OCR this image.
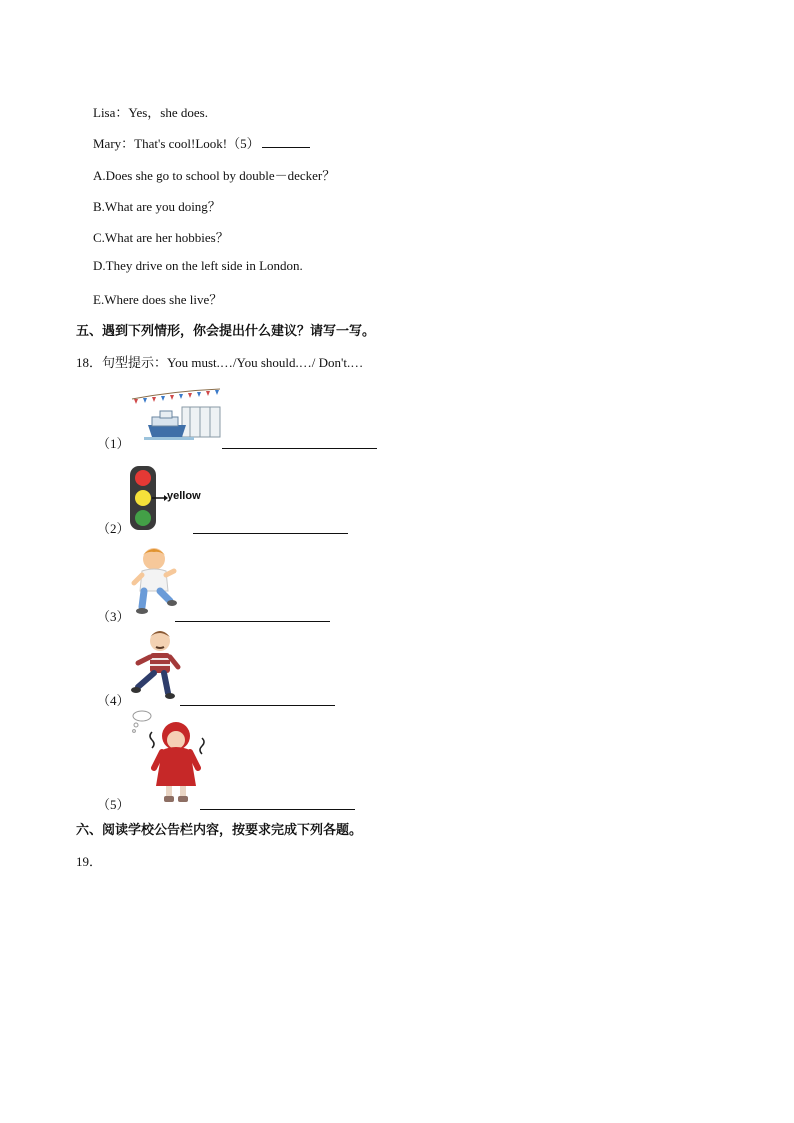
Lisa：Yes，she does.
Mary：That's cool!Look!（5）
A.Does she go to school by double－decker？
B.What are you doing？
C.What are her hobbies？
D.They drive on the left side in London.
E.Where does she live？
五、遇到下列情形，你会提出什么建议？请写一写。
18．句型提示：You must.…/You should.…/ Don't.…
（1）
yellow
（2）
（3）
（4）
（5）
六、阅读学校公告栏内容，按要求完成下列各题。
19．
